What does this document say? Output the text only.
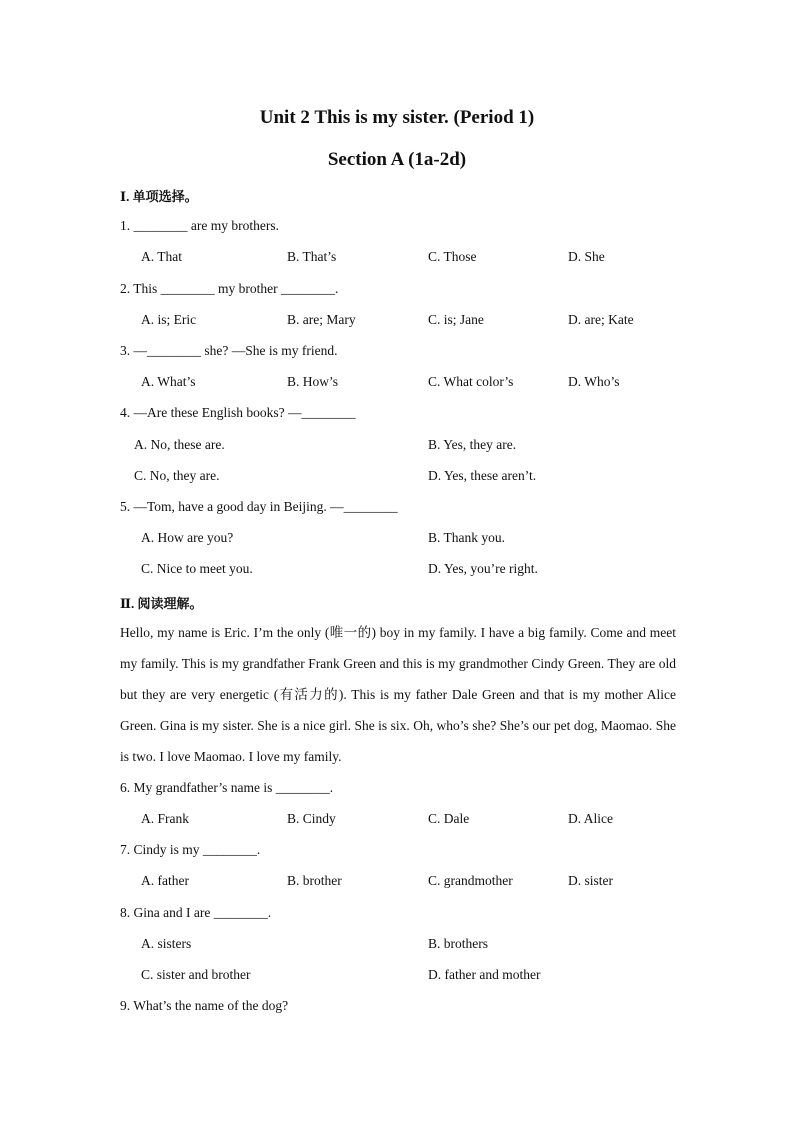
Unit 2 This is my sister. (Period 1)
Section A (1a-2d)
Ⅰ. 单项选择。
1. ________ are my brothers.
A. That	B. That’s	C. Those	D. She
2. This ________ my brother ________.
A. is; Eric	B. are; Mary	C. is; Jane	D. are; Kate
3. —________ she? —She is my friend.
A. What’s	B. How’s	C. What color’s	D. Who’s
4. —Are these English books? —________
A. No, these are.	B. Yes, they are.
C. No, they are.	D. Yes, these aren’t.
5. —Tom, have a good day in Beijing. —________
A. How are you?	B. Thank you.
C. Nice to meet you.	D. Yes, you’re right.
Ⅱ. 阅读理解。
Hello, my name is Eric. I’m the only (唯一的) boy in my family. I have a big family. Come and meet my family. This is my grandfather Frank Green and this is my grandmother Cindy Green. They are old but they are very energetic (有活力的). This is my father Dale Green and that is my mother Alice Green. Gina is my sister. She is a nice girl. She is six. Oh, who’s she? She’s our pet dog, Maomao. She is two. I love Maomao. I love my family.
6. My grandfather’s name is ________.
A. Frank	B. Cindy	C. Dale	D. Alice
7. Cindy is my ________.
A. father	B. brother	C. grandmother	D. sister
8. Gina and I are ________.
A. sisters	B. brothers
C. sister and brother	D. father and mother
9. What’s the name of the dog?
